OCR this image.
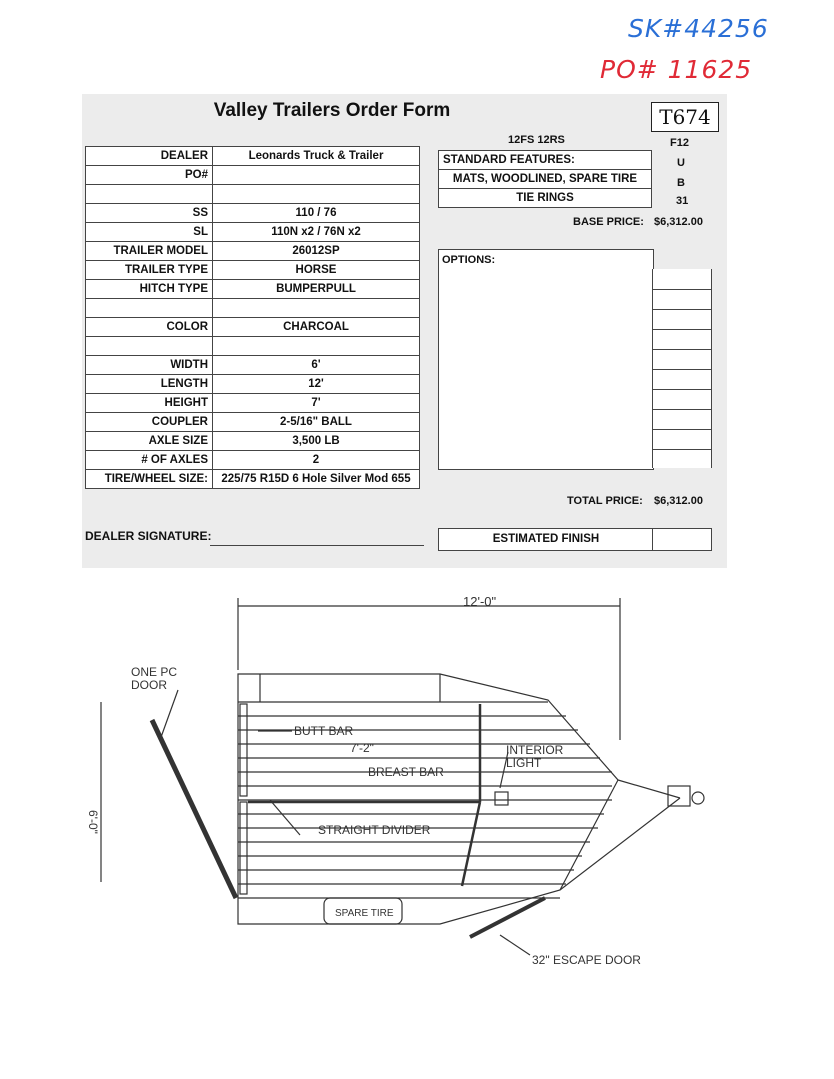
SK#44256
PO# 11625
Valley Trailers Order Form	T674
DEALER	Leonards Truck & Trailer
PO#	

SS	110 / 76
SL	110N x2 / 76N x2
TRAILER MODEL	26012SP
TRAILER TYPE	HORSE
HITCH TYPE	BUMPERPULL

COLOR	CHARCOAL

WIDTH	6'
LENGTH	12'
HEIGHT	7'
COUPLER	2-5/16" BALL
AXLE SIZE	3,500 LB
# OF AXLES	2
TIRE/WHEEL SIZE:	225/75 R15D 6 Hole Silver Mod 655
DEALER SIGNATURE:
12FS 12RS	F12
STANDARD FEATURES:
MATS, WOODLINED, SPARE TIRE
TIE RINGS
U
B
31
BASE PRICE: $6,312.00
OPTIONS:
TOTAL PRICE: $6,312.00
ESTIMATED FINISH
12'-0"
ONE PC
DOOR
BUTT BAR
7'-2"
BREAST BAR
INTERIOR
LIGHT
STRAIGHT DIVIDER
SPARE TIRE
32" ESCAPE DOOR
6'-0"
